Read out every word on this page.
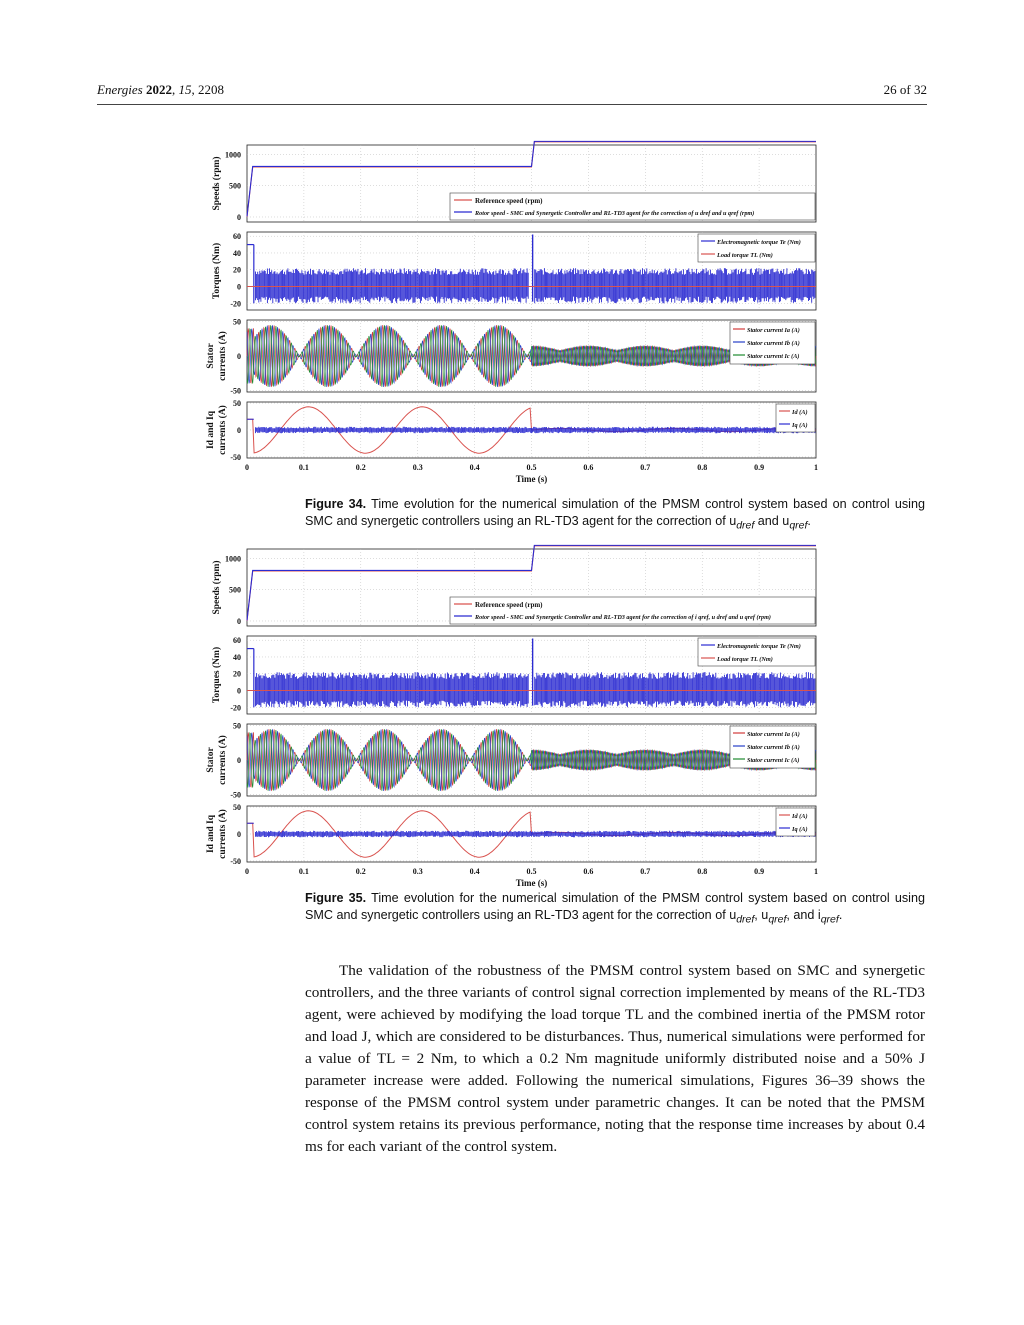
Energies 2022, 15, 2208	26 of 32
1000
500
0
Speeds (rpm)
60
40
20
0
-20
Torques (Nm)
50
0
-50
Stator currents (A)
50
0
-50
Id and Iq currents (A)
0	0.1	0.2	0.3	0.4	0.5	0.6	0.7	0.8	0.9	1
Time (s)
Reference speed (rpm)
Rotor speed - SMC and Synergetic Controller and RL-TD3 agent for the correction of u dref and u qref (rpm)
Electromagnetic torque Te (Nm)
Load torque TL (Nm)
Stator current Ia (A)
Stator current Ib (A)
Stator current Ic (A)
Id (A)
Iq (A)
Figure 34. Time evolution for the numerical simulation of the PMSM control system based on control using SMC and synergetic controllers using an RL-TD3 agent for the correction of $u_{dref}$ and $u_{qref}$.
1000
500
0
Speeds (rpm)
60
40
20
0
-20
Torques (Nm)
50
0
-50
Stator currents (A)
50
0
-50
Id and Iq currents (A)
0	0.1	0.2	0.3	0.4	0.5	0.6	0.7	0.8	0.9	1
Time (s)
Reference speed (rpm)
Rotor speed - SMC and Synergetic Controller and RL-TD3 agent for the correction of i qref, u dref and u qref (rpm)
Electromagnetic torque Te (Nm)
Load torque TL (Nm)
Stator current Ia (A)
Stator current Ib (A)
Stator current Ic (A)
Id (A)
Iq (A)
Figure 35. Time evolution for the numerical simulation of the PMSM control system based on control using SMC and synergetic controllers using an RL-TD3 agent for the correction of $u_{dref}$, $u_{qref}$, and $i_{qref}$.
The validation of the robustness of the PMSM control system based on SMC and synergetic controllers, and the three variants of control signal correction implemented by means of the RL-TD3 agent, were achieved by modifying the load torque TL and the combined inertia of the PMSM rotor and load J, which are considered to be disturbances. Thus, numerical simulations were performed for a value of TL = 2 Nm, to which a 0.2 Nm magnitude uniformly distributed noise and a 50% J parameter increase were added. Following the numerical simulations, Figures 36–39 shows the response of the PMSM control system under parametric changes. It can be noted that the PMSM control system retains its previous performance, noting that the response time increases by about 0.4 ms for each variant of the control system.
